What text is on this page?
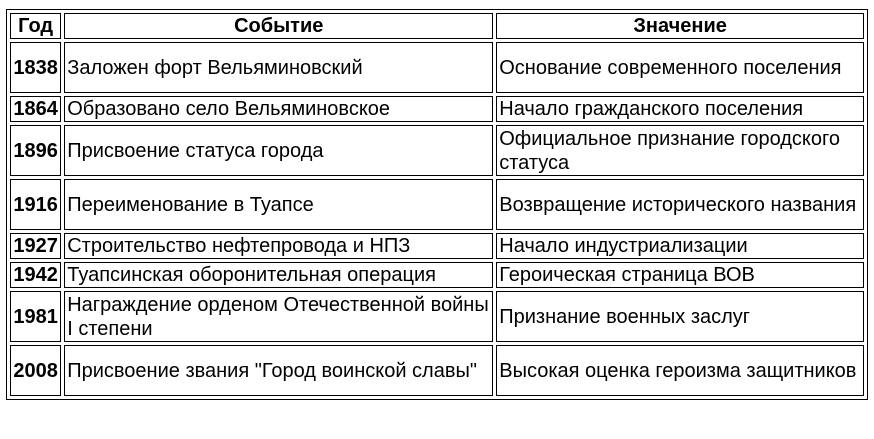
Год	Событие	Значение
1838	Заложен форт Вельяминовский	Основание современного поселения
1864	Образовано село Вельяминовское	Начало гражданского поселения
1896	Присвоение статуса города	Официальное признание городского статуса
1916	Переименование в Туапсе	Возвращение исторического названия
1927	Строительство нефтепровода и НПЗ	Начало индустриализации
1942	Туапсинская оборонительная операция	Героическая страница ВОВ
1981	Награждение орденом Отечественной войны I степени	Признание военных заслуг
2008	Присвоение звания "Город воинской славы"	Высокая оценка героизма защитников
